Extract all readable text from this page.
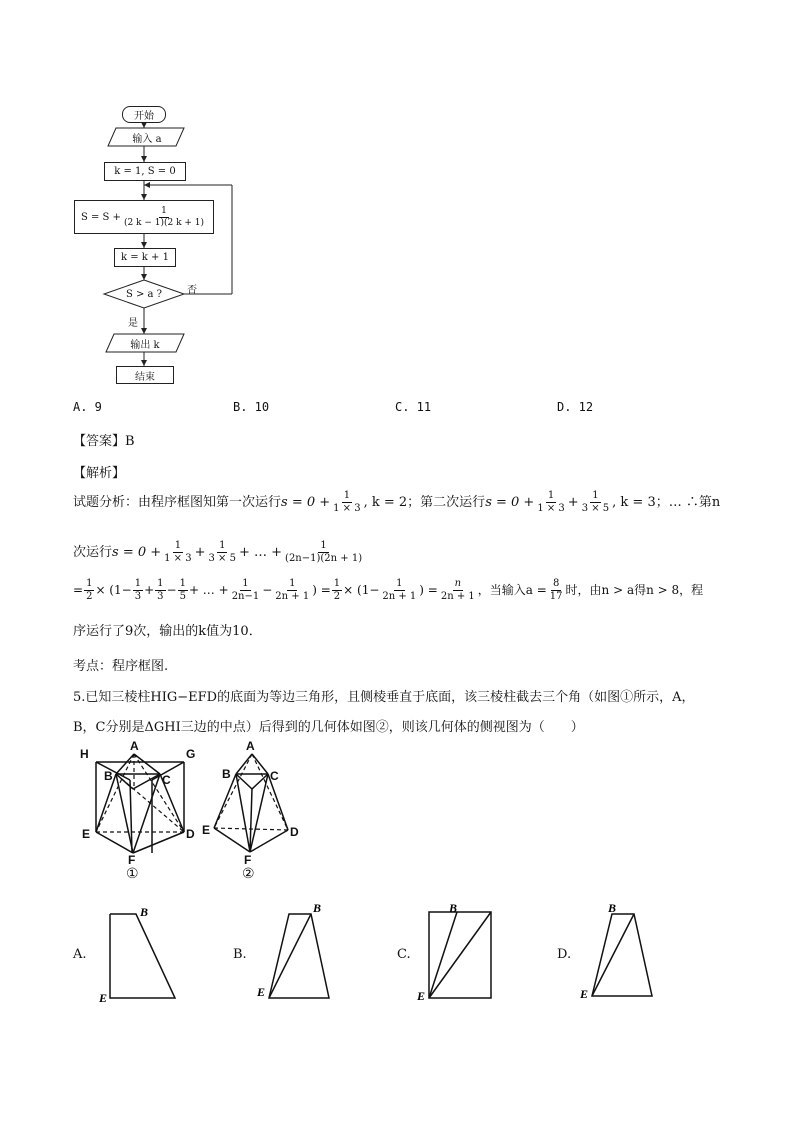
开始
输入 a
k = 1, S = 0
$S = S + \frac{1}{(2 k - 1)(2 k + 1)}$
k = k + 1
S > a ? 否
是
输出 k
结束
A. 9	B. 10	C. 11	D. 12
【答案】B
【解析】
试题分析：由程序框图知第一次运行$s = 0 + \frac{1}{1 \times 3}$ , k = 2；第二次运行$s = 0 + \frac{1}{1 \times 3} + \frac{1}{3 \times 5}$ , k = 3；… ∴第n
次运行$s = 0 + \frac{1}{1 \times 3} + \frac{1}{3 \times 5}$ + … + $\frac{1}{(2n-1)(2n + 1)}$
= $\frac{1}{2} \times (1- \frac{1}{3} + \frac{1}{3} - \frac{1}{5}$ + … + $\frac{1}{2n-1} - \frac{1}{2n + 1}$ ) = $\frac{1}{2} \times (1- \frac{1}{2n + 1}$ ) = $\frac{n}{2n + 1}$ ，当输入$a = \frac{8}{17}$ 时，由n > a得n > 8，程
序运行了9次，输出的k值为10．
考点：程序框图.
5.已知三棱柱HIG−EFD的底面为等边三角形，且侧棱垂直于底面，该三棱柱截去三个角（如图①所示，A，
B，C分别是ΔGHI三边的中点）后得到的几何体如图②，则该几何体的侧视图为（　　）
H
A
G
B	C
E	D
F
①
A
B	C
E	D
F
②
A.
B
E
B.
B
E
C.
B
E
D.
B
E
